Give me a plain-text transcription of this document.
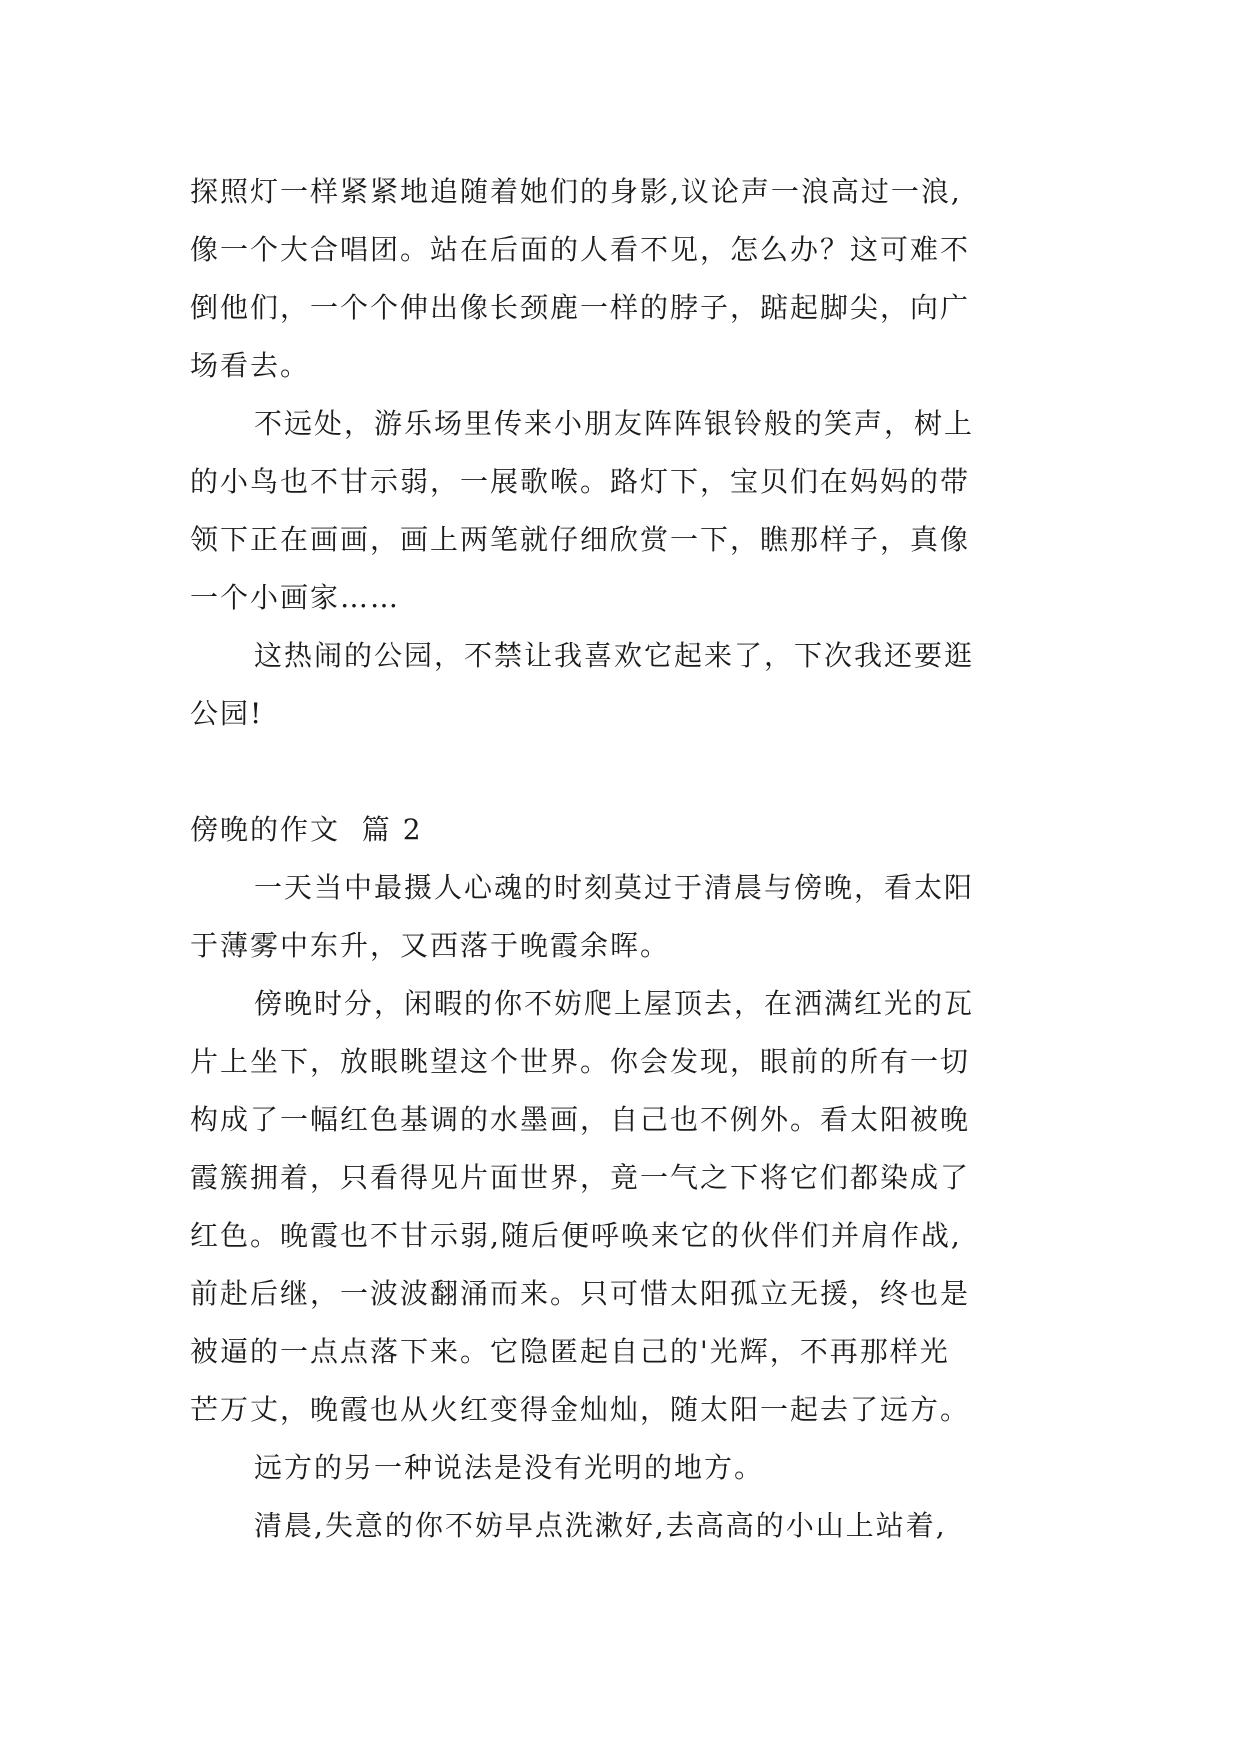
探照灯一样紧紧地追随着她们的身影,议论声一浪高过一浪,
像一个大合唱团。站在后面的人看不见，怎么办？这可难不
倒他们，一个个伸出像长颈鹿一样的脖子，踮起脚尖，向广
场看去。
不远处，游乐场里传来小朋友阵阵银铃般的笑声，树上
的小鸟也不甘示弱，一展歌喉。路灯下，宝贝们在妈妈的带
领下正在画画，画上两笔就仔细欣赏一下，瞧那样子，真像
一个小画家……
这热闹的公园，不禁让我喜欢它起来了，下次我还要逛
公园!
傍晚的作文  篇 2
一天当中最摄人心魂的时刻莫过于清晨与傍晚，看太阳
于薄雾中东升，又西落于晚霞余晖。
傍晚时分，闲暇的你不妨爬上屋顶去，在洒满红光的瓦
片上坐下，放眼眺望这个世界。你会发现，眼前的所有一切
构成了一幅红色基调的水墨画，自己也不例外。看太阳被晚
霞簇拥着，只看得见片面世界，竟一气之下将它们都染成了
红色。晚霞也不甘示弱,随后便呼唤来它的伙伴们并肩作战,
前赴后继，一波波翻涌而来。只可惜太阳孤立无援，终也是
被逼的一点点落下来。它隐匿起自己的'光辉，不再那样光
芒万丈，晚霞也从火红变得金灿灿，随太阳一起去了远方。
远方的另一种说法是没有光明的地方。
清晨,失意的你不妨早点洗漱好,去高高的小山上站着,
